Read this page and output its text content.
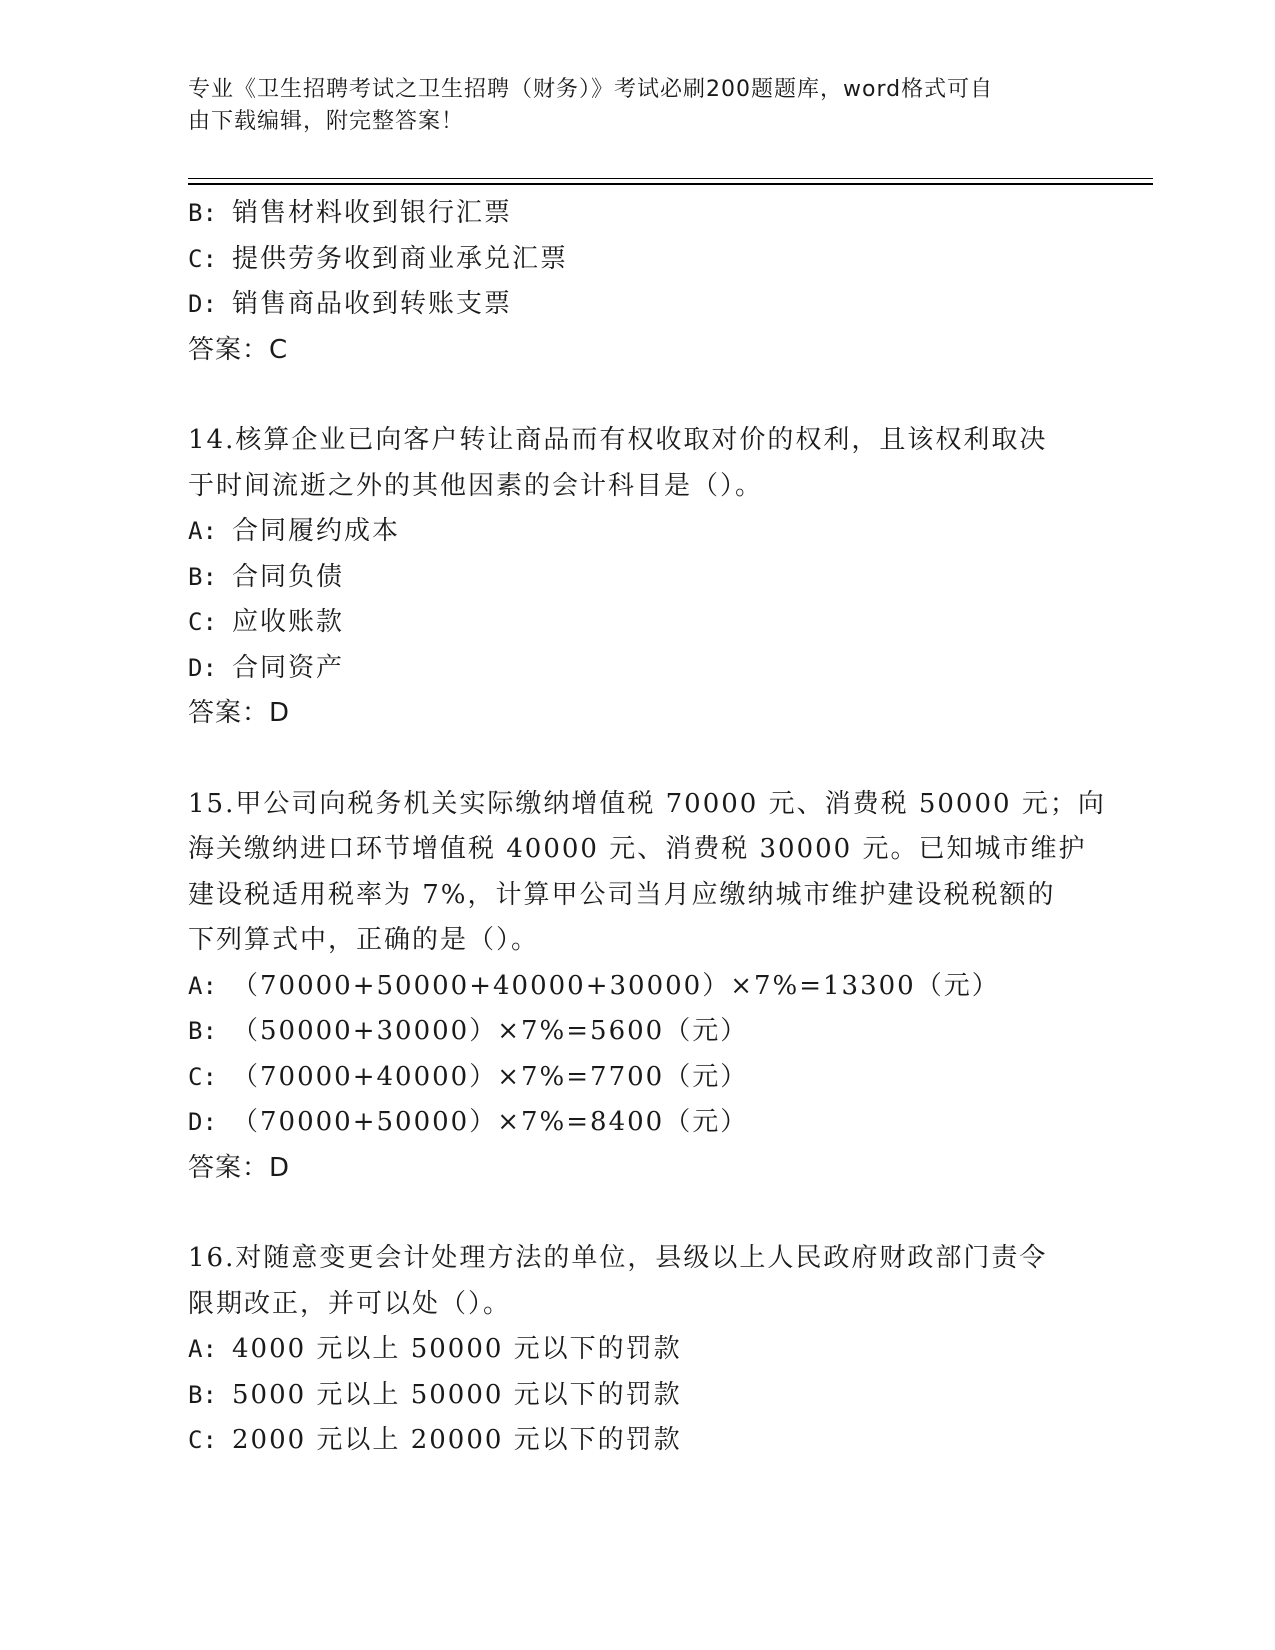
专业《卫生招聘考试之卫生招聘（财务）》考试必刷200题题库，word格式可自
由下载编辑，附完整答案！
B: 销售材料收到银行汇票
C: 提供劳务收到商业承兑汇票
D: 销售商品收到转账支票
答案：C
14.核算企业已向客户转让商品而有权收取对价的权利，且该权利取决
于时间流逝之外的其他因素的会计科目是（）。
A: 合同履约成本
B: 合同负债
C: 应收账款
D: 合同资产
答案：D
15.甲公司向税务机关实际缴纳增值税 70000 元、消费税 50000 元；向
海关缴纳进口环节增值税 40000 元、消费税 30000 元。已知城市维护
建设税适用税率为 7%，计算甲公司当月应缴纳城市维护建设税税额的
下列算式中，正确的是（）。
A: （70000+50000+40000+30000）×7%=13300（元）
B: （50000+30000）×7%=5600（元）
C: （70000+40000）×7%=7700（元）
D: （70000+50000）×7%=8400（元）
答案：D
16.对随意变更会计处理方法的单位，县级以上人民政府财政部门责令
限期改正，并可以处（）。
A: 4000 元以上 50000 元以下的罚款
B: 5000 元以上 50000 元以下的罚款
C: 2000 元以上 20000 元以下的罚款
